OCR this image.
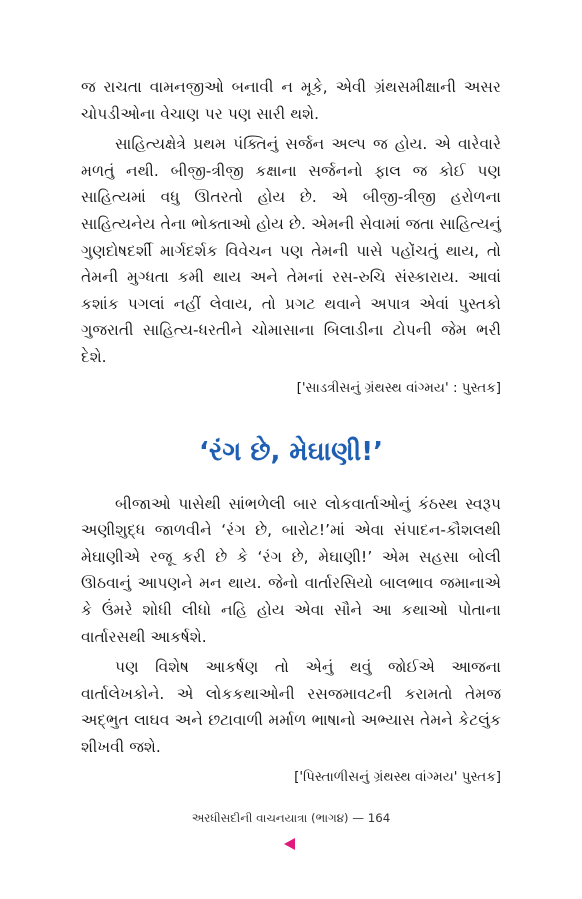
જ રાચતા વામનજીઓ બનાવી ન મૂકે, એવી ગ્રંથસમીક્ષાની અસર ચોપડીઓના વેચાણ પર પણ સારી થશે.

સાહિત્યક્ષેત્રે પ્રથમ પંક્તિનું સર્જન અલ્પ જ હોય. એ વારેવારે મળતું નથી. બીજી-ત્રીજી કક્ષાના સર્જનનો ફાલ જ કોઈ પણ સાહિત્યમાં વધુ ઊતરતો હોય છે. એ બીજી-ત્રીજી હરોળના સાહિત્યનેય તેના ભોક્તાઓ હોય છે. એમની સેવામાં જતા સાહિત્યનું ગુણદોષદર્શી માર્ગદર્શક વિવેચન પણ તેમની પાસે પહોંચતું થાય, તો તેમની મુગ્ધતા કમી થાય અને તેમનાં રસ-રુચિ સંસ્કારાય. આવાં કશાંક પગલાં નહીં લેવાય, તો પ્રગટ થવાને અપાત્ર એવાં પુસ્તકો ગુજરાતી સાહિત્ય-ધરતીને ચોમાસાના બિલાડીના ટોપની જેમ ભરી દેશે.

['સાડત્રીસનું ગ્રંથસ્થ વાંગ્મય' : પુસ્તક]
‘રંગ છે, મેઘાણી!’

બીજાઓ પાસેથી સાંભળેલી બાર લોકવાર્તાઓનું કંઠસ્થ સ્વરૂપ અણીશુદ્ધ જાળવીને ‘રંગ છે, બારોટ!’માં એવા સંપાદન-કૌશલથી મેઘાણીએ રજૂ કરી છે કે ‘રંગ છે, મેઘાણી!’ એમ સહસા બોલી ઊઠવાનું આપણને મન થાય. જેનો વાર્તારસિયો બાલભાવ જમાનાએ કે ઉંમરે શોધી લીધો નહિ હોય એવા સૌને આ કથાઓ પોતાના વાર્તારસથી આકર્ષશે.

પણ વિશેષ આકર્ષણ તો એનું થવું જોઈએ આજના વાર્તાલેખકોને. એ લોકકથાઓની રસજમાવટની કરામતો તેમજ અદ્ભુત લાઘવ અને છટાવાળી મર્માળ ભાષાનો અભ્યાસ તેમને કેટલુંક શીખવી જશે.

['પિસ્તાળીસનું ગ્રંથસ્થ વાંગ્મય' પુસ્તક]
અરધીસદીની વાચનયાત્રા (ભાગ૪) — 164
